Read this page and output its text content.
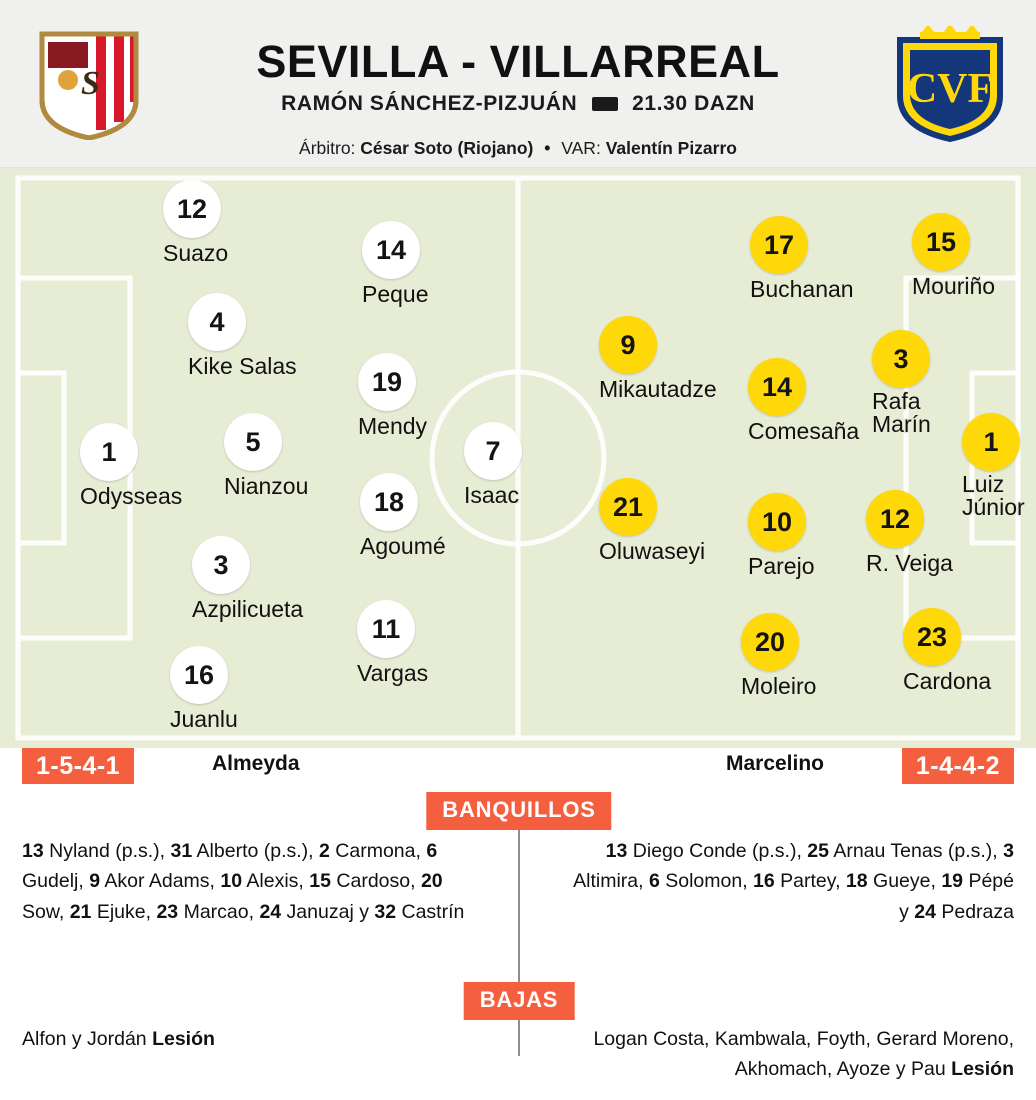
S	CVF
SEVILLA - VILLARREAL
RAMÓN SÁNCHEZ-PIZJUÁN	21.30 DAZN
Árbitro: César Soto (Riojano) • VAR: Valentín Pizarro
1
Odysseas
16
Juanlu
3
Azpilicueta
5
Nianzou
4
Kike Salas
12
Suazo
11
Vargas
18
Agoumé
19
Mendy
14
Peque
7
Isaac
1
Luiz
Júnior
12
R. Veiga
3
Rafa
Marín
15
Mouriño
17
Buchanan
23
Cardona
20
Moleiro
10
Parejo
14
Comesaña
9
Mikautadze
21
Oluwaseyi
1-5-4-1	Almeyda	Marcelino	1-4-4-2
BANQUILLOS
13 Nyland (p.s.), 31 Alberto (p.s.), 2 Carmona, 6 Gudelj, 9 Akor Adams, 10 Alexis, 15 Cardoso, 20 Sow, 21 Ejuke, 23 Marcao, 24 Januzaj y 32 Castrín
13 Diego Conde (p.s.), 25 Arnau Tenas (p.s.), 3 Altimira, 6 Solomon, 16 Partey, 18 Gueye, 19 Pépé y 24 Pedraza
BAJAS
Alfon y Jordán Lesión	Logan Costa, Kambwala, Foyth, Gerard Moreno, Akhomach, Ayoze y Pau Lesión
